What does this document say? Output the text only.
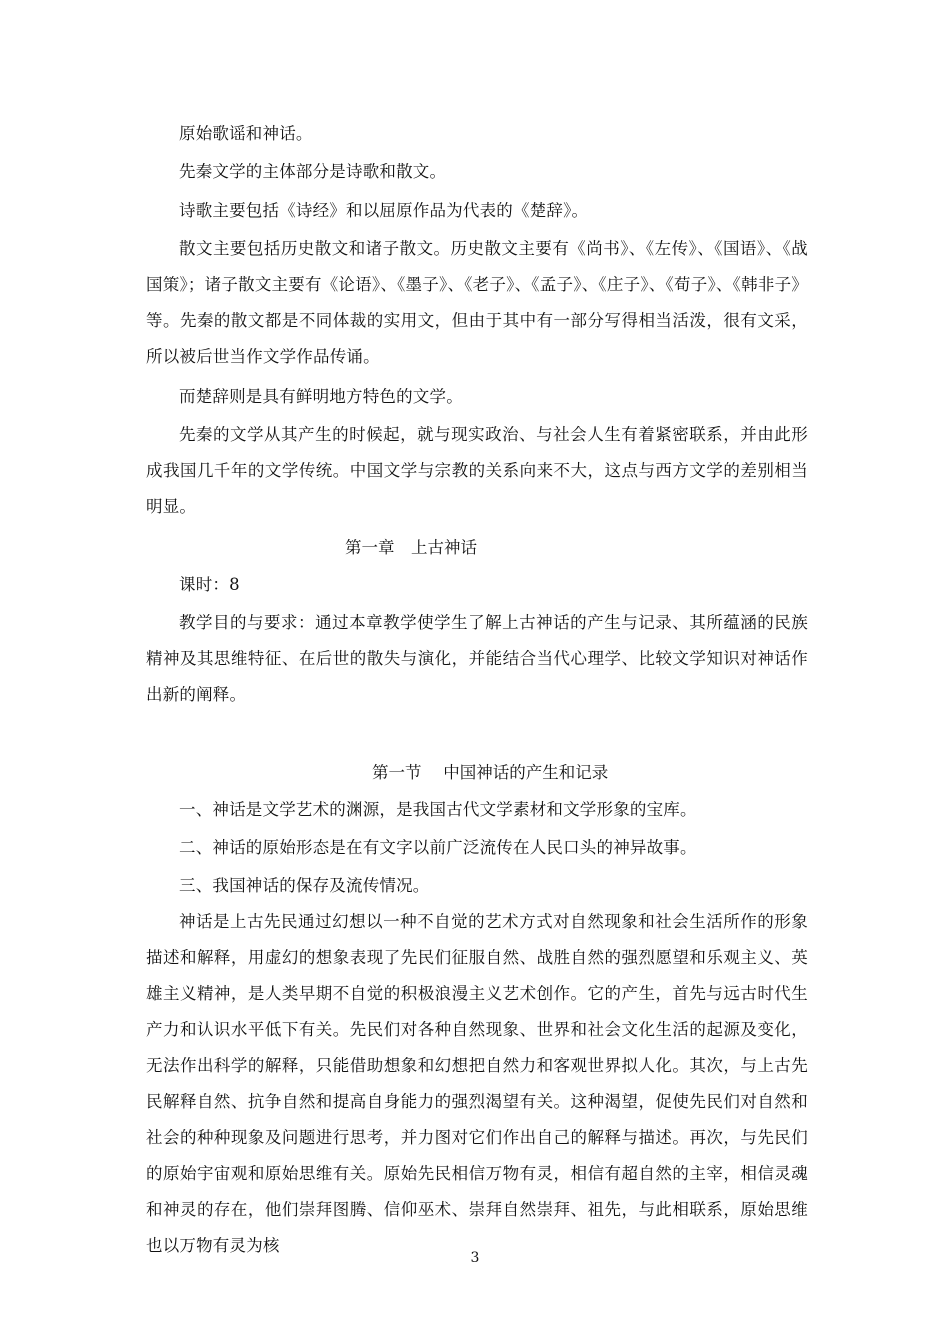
原始歌谣和神话。

先秦文学的主体部分是诗歌和散文。

诗歌主要包括《诗经》和以屈原作品为代表的《楚辞》。

散文主要包括历史散文和诸子散文。历史散文主要有《尚书》、《左传》、《国语》、《战国策》；诸子散文主要有《论语》、《墨子》、《老子》、《孟子》、《庄子》、《荀子》、《韩非子》等。先秦的散文都是不同体裁的实用文，但由于其中有一部分写得相当活泼，很有文采，所以被后世当作文学作品传诵。

而楚辞则是具有鲜明地方特色的文学。

先秦的文学从其产生的时候起，就与现实政治、与社会人生有着紧密联系，并由此形成我国几千年的文学传统。中国文学与宗教的关系向来不大，这点与西方文学的差别相当明显。

第一章　上古神话

课时：8

教学目的与要求：通过本章教学使学生了解上古神话的产生与记录、其所蕴涵的民族精神及其思维特征、在后世的散失与演化，并能结合当代心理学、比较文学知识对神话作出新的阐释。

第一节　 中国神话的产生和记录

一、神话是文学艺术的渊源，是我国古代文学素材和文学形象的宝库。

二、神话的原始形态是在有文字以前广泛流传在人民口头的神异故事。

三、我国神话的保存及流传情况。

神话是上古先民通过幻想以一种不自觉的艺术方式对自然现象和社会生活所作的形象描述和解释，用虚幻的想象表现了先民们征服自然、战胜自然的强烈愿望和乐观主义、英雄主义精神，是人类早期不自觉的积极浪漫主义艺术创作。它的产生，首先与远古时代生产力和认识水平低下有关。先民们对各种自然现象、世界和社会文化生活的起源及变化，无法作出科学的解释，只能借助想象和幻想把自然力和客观世界拟人化。其次，与上古先民解释自然、抗争自然和提高自身能力的强烈渴望有关。这种渴望，促使先民们对自然和社会的种种现象及问题进行思考，并力图对它们作出自己的解释与描述。再次，与先民们的原始宇宙观和原始思维有关。原始先民相信万物有灵，相信有超自然的主宰，相信灵魂和神灵的存在，他们崇拜图腾、信仰巫术、崇拜自然崇拜、祖先，与此相联系，原始思维也以万物有灵为核

3
